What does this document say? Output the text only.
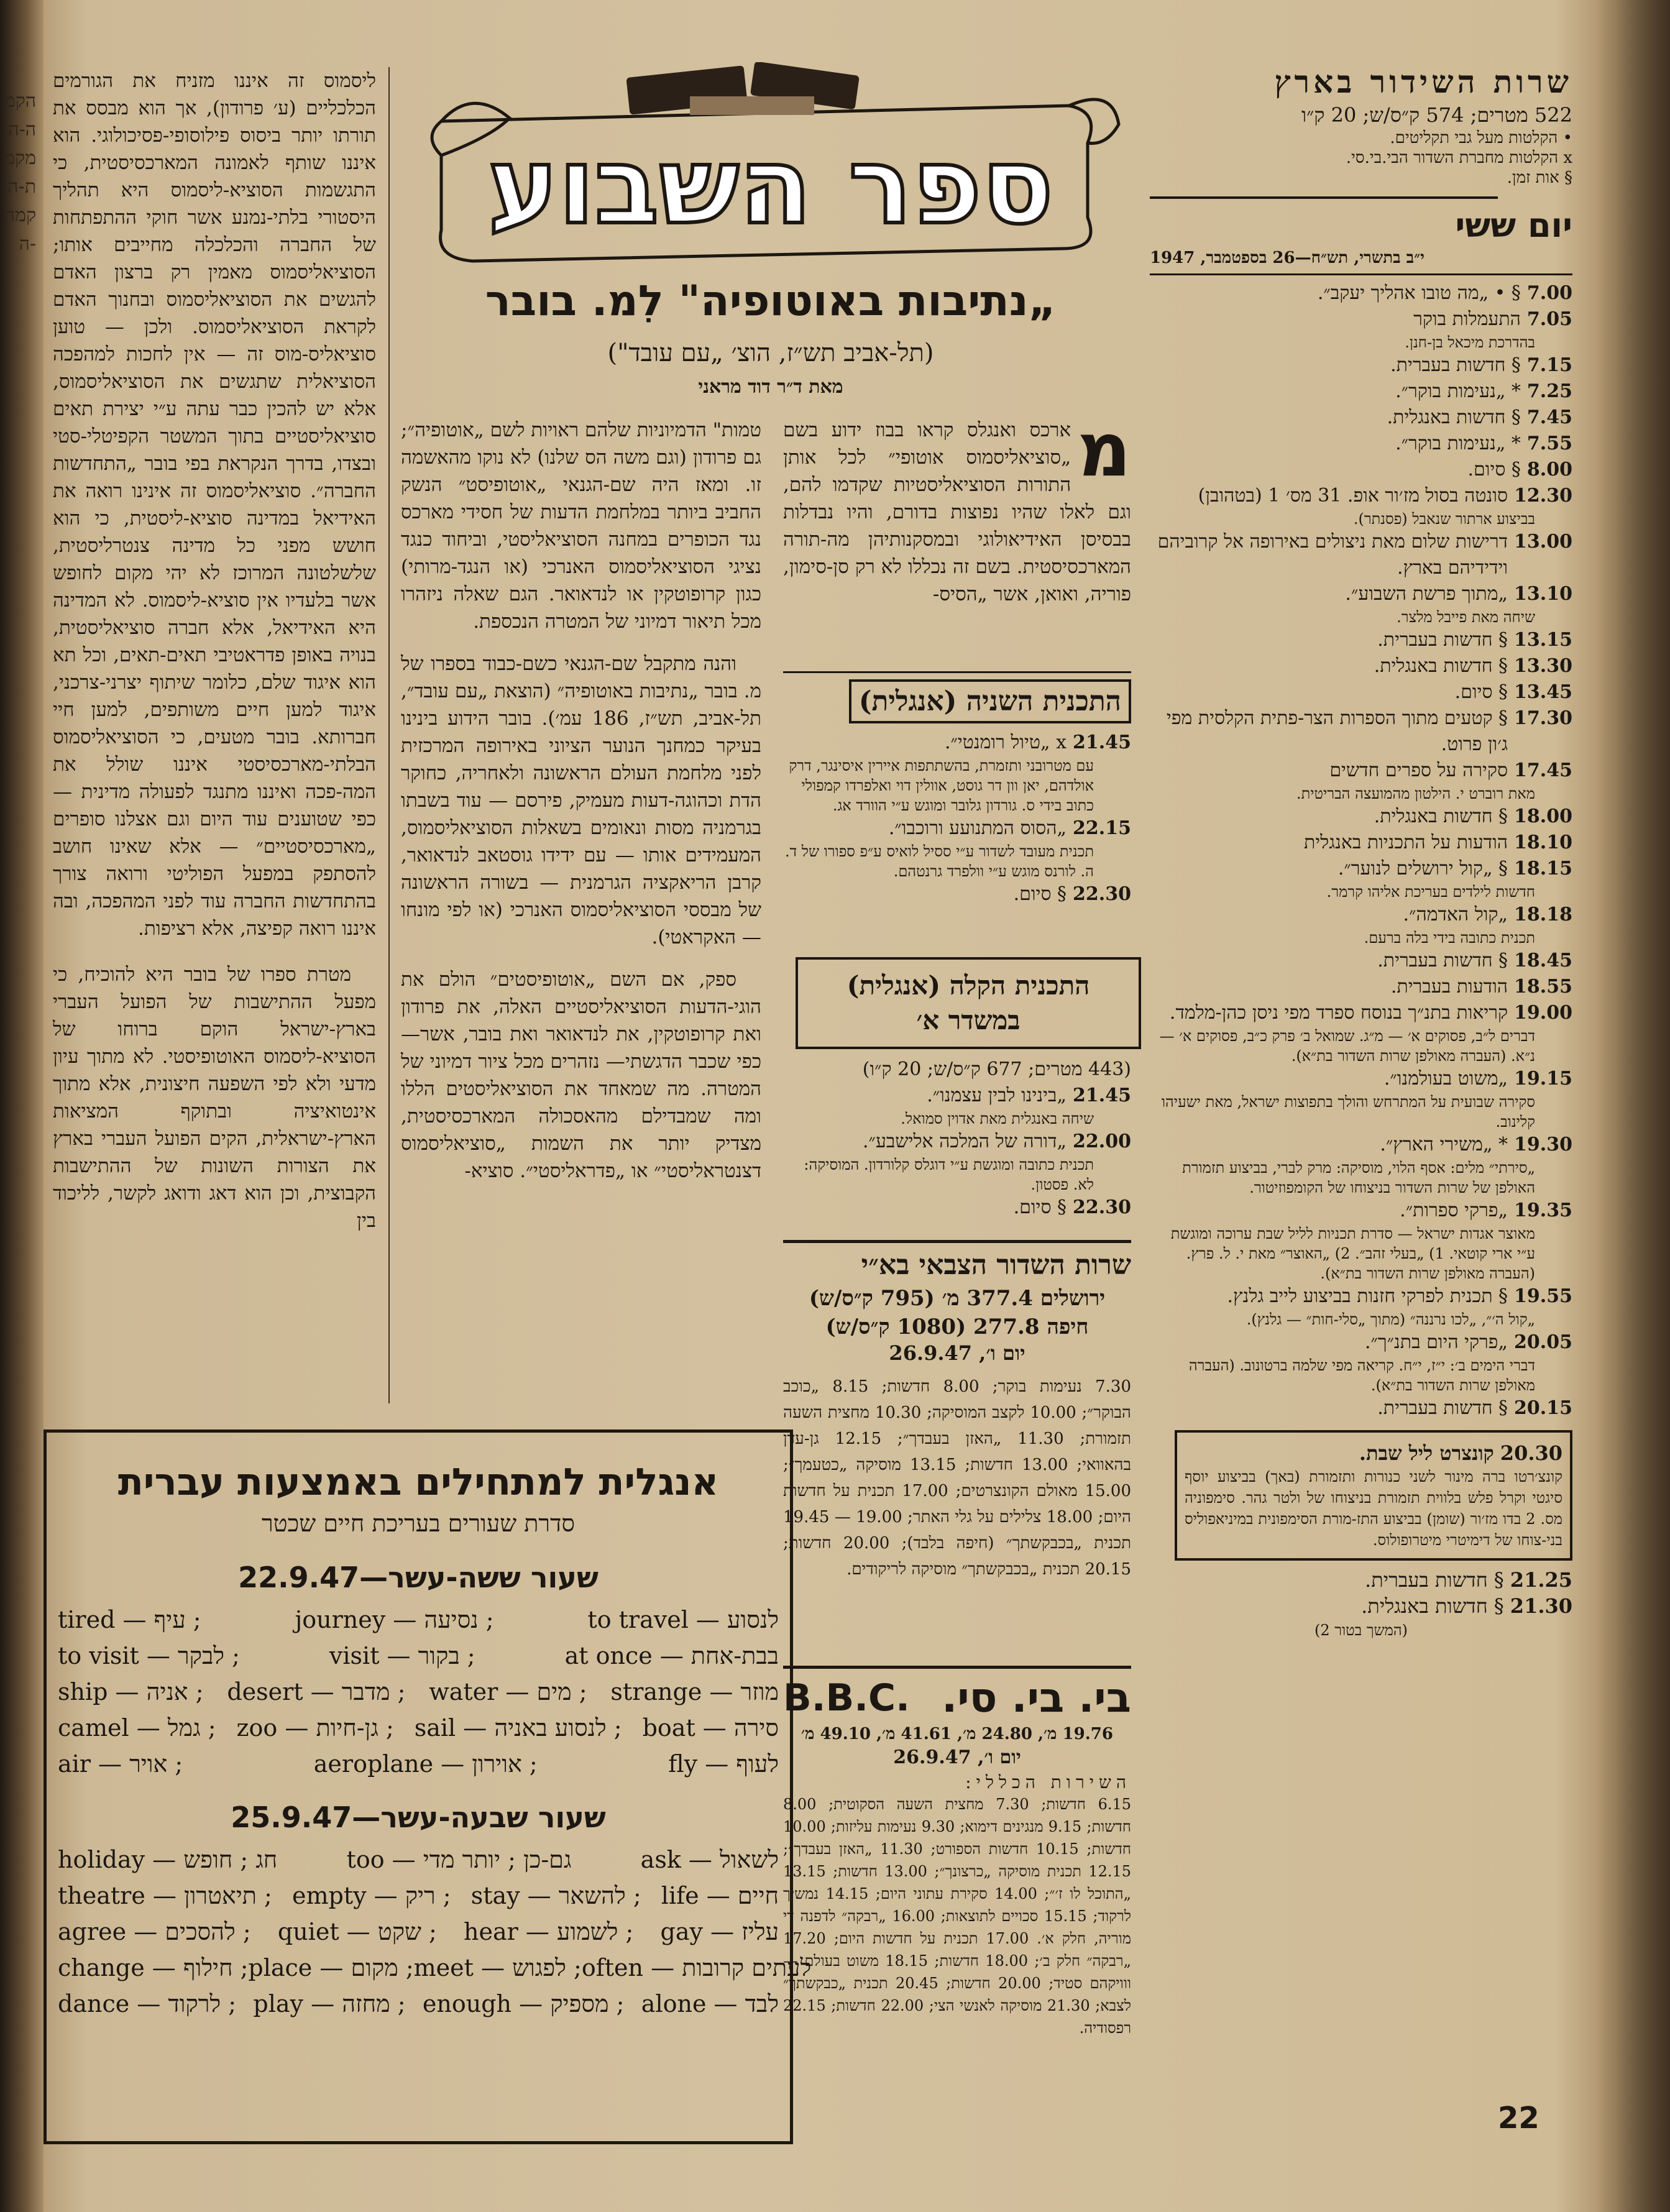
הקמה-המקמת-הקמה-ה
ליסמוס זה איננו מזניח את הגורמים הכלכליים (ע׳ פרודון), אך הוא מבסס את תורתו יותר ביסוס פילוסופי-פסיכולוגי. הוא איננו שותף לאמונה המארכסיסטית, כי התגשמות הסוציא-ליסמוס היא תהליך היסטורי בלתי-נמנע אשר חוקי ההתפתחות של החברה והכלכלה מחייבים אותו; הסוציאליסמוס מאמין רק ברצון האדם להגשים את הסוציאליסמוס ובחנוך האדם לקראת הסוציאליסמוס. ולכן — טוען סוציאליס-מוס זה — אין לחכות למהפכה הסוציאלית שתגשים את הסוציאליסמוס, אלא יש להכין כבר עתה ע״י יצירת תאים סוציאליסטיים בתוך המשטר הקפיטלי-סטי ובצדו, בדרך הנקראת בפי בובר „התחדשות החברה״. סוציאליסמוס זה אינינו רואה את האידיאל במדינה סוציא-ליסטית, כי הוא חושש מפני כל מדינה צנטרליסטית, שלשלטונה המרוכז לא יהי מקום לחופש אשר בלעדיו אין סוציא-ליסמוס. לא המדינה היא האידיאל, אלא חברה סוציאליסטית, בנויה באופן פדראטיבי תאים-תאים, וכל תא הוא איגוד שלם, כלומר שיתוף יצרני-צרכני, איגוד למען חיים משותפים, למען חיי חברותא. בובר מטעים, כי הסוציאליסמוס הבלתי-מארכסיסטי איננו שולל את המה-פכה ואיננו מתנגד לפעולה מדינית — כפי שטוענים עוד היום וגם אצלנו סופרים „מארכסיסטיים״ — אלא שאינו חושב להסתפק במפעל הפוליטי ורואה צורך בהתחדשות החברה עוד לפני המהפכה, ובה איננו רואה קפיצה, אלא רציפות.
מטרת ספרו של בובר היא להוכיח, כי מפעל ההתישבות של הפועל העברי בארץ-ישראל הוקם ברוחו של הסוציא-ליסמוס האוטופיסטי. לא מתוך עיון מדעי ולא לפי השפעה חיצונית, אלא מתוך אינטואיציה ובתוקף המציאות הארץ-ישראלית, הקים הפועל העברי בארץ את הצורות השונות של ההתישבות הקבוצית, וכן הוא דאג ודואג לקשר, לליכוד בין
ספר השבוע
„נתיבות באוטופיה" לִמ. בובר
(תל-אביב תש״ז, הוצ׳ „עם עובד")
מאת ד״ר דוד מראני
טמות" הדמיוניות שלהם ראויות לשם „אוטופיה״; גם פרודון (וגם משה הס שלנו) לא נוקו מהאשמה זו. ומאז היה שם-הגנאי „אוטופיסט״ הנשק החביב ביותר במלחמת הדעות של חסידי מארכס נגד הכופרים במחנה הסוציאליסטי, וביחוד כנגד נציגי הסוציאליסמוס האנרכי (או הנגד-מרותי) כגון קרופוטקין או לנדאואר. הגם שאלה ניזהרו מכל תיאור דמיוני של המטרה הנכספת.
והנה מתקבל שם-הגנאי כשם-כבוד בספרו של מ. בובר „נתיבות באוטופיה״ (הוצאת „עם עובד״, תל-אביב, תש״ז, 186 עמ׳). בובר הידוע בינינו בעיקר כמחנך הנוער הציוני באירופה המרכזית לפני מלחמת העולם הראשונה ולאחריה, כחוקר הדת וכהוגה-דעות מעמיק, פירסם — עוד בשבתו בגרמניה מסות ונאומים בשאלות הסוציאליסמוס, המעמידים אותו — עם ידידו גוסטאב לנדאואר, קרבן הריאקציה הגרמנית — בשורה הראשונה של מבססי הסוציאליסמוס האנרכי (או לפי מונחו — האקראטי).
ספק, אם השם „אוטופיסטים״ הולם את הוגי-הדעות הסוציאליסטיים האלה, את פרודון ואת קרופוטקין, את לנדאואר ואת בובר, אשר—כפי שכבר הדגשתי— נזהרים מכל ציור דמיוני של המטרה. מה שמאחד את הסוציאליסטים הללו ומה שמבדילם מהאסכולה המארכסיסטית, מצדיק יותר את השמות „סוציאליסמוס דצנטראליסטי״ או „פדראליסטי״. סוציא-
מ
ארכס ואנגלס קראו בבוז ידוע בשם „סוציאליסמוס אוטופי״ לכל אותן התורות הסוציאליסטיות שקדמו להם, וגם לאלו שהיו נפוצות בדורם, והיו נבדלות בבסיסן האידיאולוגי ובמסקנותיהן מה-תורה המארכסיסטית. בשם זה נכללו לא רק סן-סימון, פוריה, ואואן, אשר „הסיס-
התכנית השניה (אנגלית)
21.45
x „טיול רומנטי״.
עם מטרובני ותזמרת, בהשתתפות איירין איסינגר, דרק אולדהם, יאן וון דר גוסט, אוולין דוי ואלפרדו קמפולי כתוב בידי ס. גורדון גלובר ומוגש ע״י הוורד אג.
22.15
„הסוס המתנועע ורוכבו״.
תכנית מעובד לשדור ע״י ססיל לואיס ע״פ ספורו של ד. ה. לורנס מוגש ע״י וולפרד גרנטהם.
22.30
§ סיום.
התכנית הקלה (אנגלית) במשדר א׳
(443 מטרים; 677 ק״ס/ש; 20 ק״ו)
21.45
„בינינו לבין עצמנו״.
שיחה באנגלית מאת אדוין סמואל.
22.00
„דורה של המלכה אלישבע״.
תכנית כתובה ומוגשת ע״י דוגלס קלורדון. המוסיקה: לא. פסטון.
22.30
§ סיום.
שרות השדור הצבאי בא״י
ירושלים 377.4 מ׳ (795 ק״ס/ש)
חיפה 277.8 (1080 ק״ס/ש)
יום ו׳, 26.9.47
7.30 נעימות בוקר; 8.00 חדשות; 8.15 „כוכב הבוקר״; 10.00 לקצב המוסיקה; 10.30 מחצית השעה תזמורת; 11.30 „האזן בעבדך״; 12.15 גן-עדן בהאוואי; 13.00 חדשות; 13.15 מוסיקה „כטעמך״; 15.00 מאולם הקונצרטים; 17.00 תכנית על חדשות היום; 18.00 צלילים על גלי האתר; 19.00 — 19.45 תכנית „בכבקשתך״ (חיפה בלבד); 20.00 חדשות; 20.15 תכנית „בכבקשתך״ מוסיקה לריקודים.
בי. בי. סי.
B.B.C.
19.76 מ׳, 24.80 מ׳, 41.61 מ׳, 49.10 מ׳
יום ו׳, 26.9.47
השירות הכללי:
6.15 חדשות; 7.30 מחצית השעה הסקוטית; 8.00 חדשות; 9.15 מנגינים דימוא; 9.30 נעימות עליזות; 10.00 חדשות; 10.15 חדשות הספורט; 11.30 „האזן בעבדך״; 12.15 תכנית מוסיקה „כרצונך״; 13.00 חדשות; 13.15 „התוכל לו ז׳״; 14.00 סקירת עתוני היום; 14.15 נמשיך לרקוד; 15.15 סכויים לתוצאות; 16.00 „רבקה״ לדפנה די מוריה, חלק א׳. 17.00 תכנית על חדשות היום; 17.20 „רבקה״ חלק ב׳; 18.00 חדשות; 18.15 משוט בעולם — ווויקהם סטיד; 20.00 חדשות; 20.45 תכנית „כבקשתך״ לצבא; 21.30 מוסיקה לאנשי הצי; 22.00 חדשות; 22.15 רפסודיה.
שרות השידור בארץ
522 מטרים; 574 ק״ס/ש; 20 ק״ו
• הקלטות מעל גבי תקליטים.
x הקלטות מחברת השדור הבי.בי.סי.
§ אות זמן.
יום ששי
י״ב בתשרי, תש״ח—26 בספטמבר, 1947
7.00
§ • „מה טובו אהליך יעקב״.
7.05
התעמלות בוקר
בהדרכת מיכאל בן-חנן.
7.15
§ חדשות בעברית.
7.25
* „נעימות בוקר״.
7.45
§ חדשות באנגלית.
7.55
* „נעימות בוקר״.
8.00
§ סיום.
12.30
סונטה בסול מז׳ור אופ. 31 מס׳ 1 (בטהובן)
בביצוע ארתור שנאבל (פסנתר).
13.00
דרישות שלום מאת ניצולים באירופה אל קרוביהם וידידיהם בארץ.
13.10
„מתוך פרשת השבוע״.
שיחה מאת פייבל מלצר.
13.15
§ חדשות בעברית.
13.30
§ חדשות באנגלית.
13.45
§ סיום.
17.30
§ קטעים מתוך הספרות הצר-פתית הקלסית מפי ג׳ון פרוט.
17.45
סקירה על ספרים חדשים
מאת רוברט י. הילטון מהמועצה הבריטית.
18.00
§ חדשות באנגלית.
18.10
הודעות על התכניות באנגלית
18.15
§ „קול ירושלים לנוער״.
חדשות לילדים בעריכת אליהו קרמר.
18.18
„קול האדמה״.
תכנית כתובה בידי בלה ברעם.
18.45
§ חדשות בעברית.
18.55
הודעות בעברית.
19.00
קריאות בתנ״ך בנוסח ספרד מפי ניסן כהן-מלמד.
דברים ל״ב, פסוקים א׳ — מ״ג. שמואל ב׳ פרק כ״ב, פסוקים א׳ — נ״א. (העברה מאולפן שרות השדור בת״א).
19.15
„משוט בעולמנו״.
סקירה שבועית על המתרחש והולך בתפוצות ישראל, מאת ישעיהו קלינוב.
19.30
* „משירי הארץ״.
„סירתי״ מלים: אסף הלוי, מוסיקה: מרק לברי, בביצוע תזמורת האולפן של שרות השדור בניצוחו של הקומפוזיטור.
19.35
„פרקי ספרות״.
מאוצר אגדות ישראל — סדרת תכניות לליל שבת ערוכה ומוגשת ע״י ארי קוטאי. 1) „בעלי זהב״. 2) „האוצר״ מאת י. ל. פרץ. (העברה מאולפן שרות השדור בת״א).
19.55
§ תכנית לפרקי חזנות בביצוע לייב גלנץ.
„קול ה׳״, „לכו נרננה״ (מתוך „סלי-חות״ — גלנץ).
20.05
„פרקי היום בתנ״ך״.
דברי הימים ב׳: י״ז, י״ח. קריאה מפי שלמה ברטונוב. (העברה מאולפן שרות השדור בת״א).
20.15
§ חדשות בעברית.
20.30
קונצרט ליל שבת.
קונצ׳רטו ברה מינור לשני כנורות ותזמורת (באך) בביצוע יוסף סיגטי וקרל פלש בלווית תזמורת בניצוחו של ולטר גהר. סימפוניה מס. 2 בדו מז׳ור (שומן) בביצוע התז-מורת הסימפונית במיניאפוליס בני-צוחו של דימיטרי מיטרופולוס.
21.25
§ חדשות בעברית.
21.30
§ חדשות באנגלית.
(המשך בטור 2)
אנגלית למתחילים באמצעות עברית
סדרת שעורים בעריכת חיים שכטר
שעור ששה-עשר—22.9.47
tired — עיף ;	journey — נסיעה ;	to travel — לנסוע
to visit — לבקר ;	visit — בקור ;	at once — בבת-אחת
ship — אניה ; desert — מדבר ; water — מים ; strange — מוזר
camel — גמל ; zoo — גן-חיות ; sail — לנסוע באניה ; boat — סירה
air — אויר ;	aeroplane — אוירון ;	fly — לעוף
שעור שבעה-עשר—25.9.47
holiday — חג ; חופש	too — גם-כן ; יותר מדי	ask — לשאול
theatre — תיאטרון ; empty — ריק ; stay — להשאר ; life — חיים
agree — להסכים ; quiet — שקט ; hear — לשמוע ; gay — עליז
change — חילוף ; place — מקום ; meet — לפגוש ; often — לעתים קרובות
dance — לרקוד ; play — מחזה ; enough — מספיק ; alone — לבד
22
